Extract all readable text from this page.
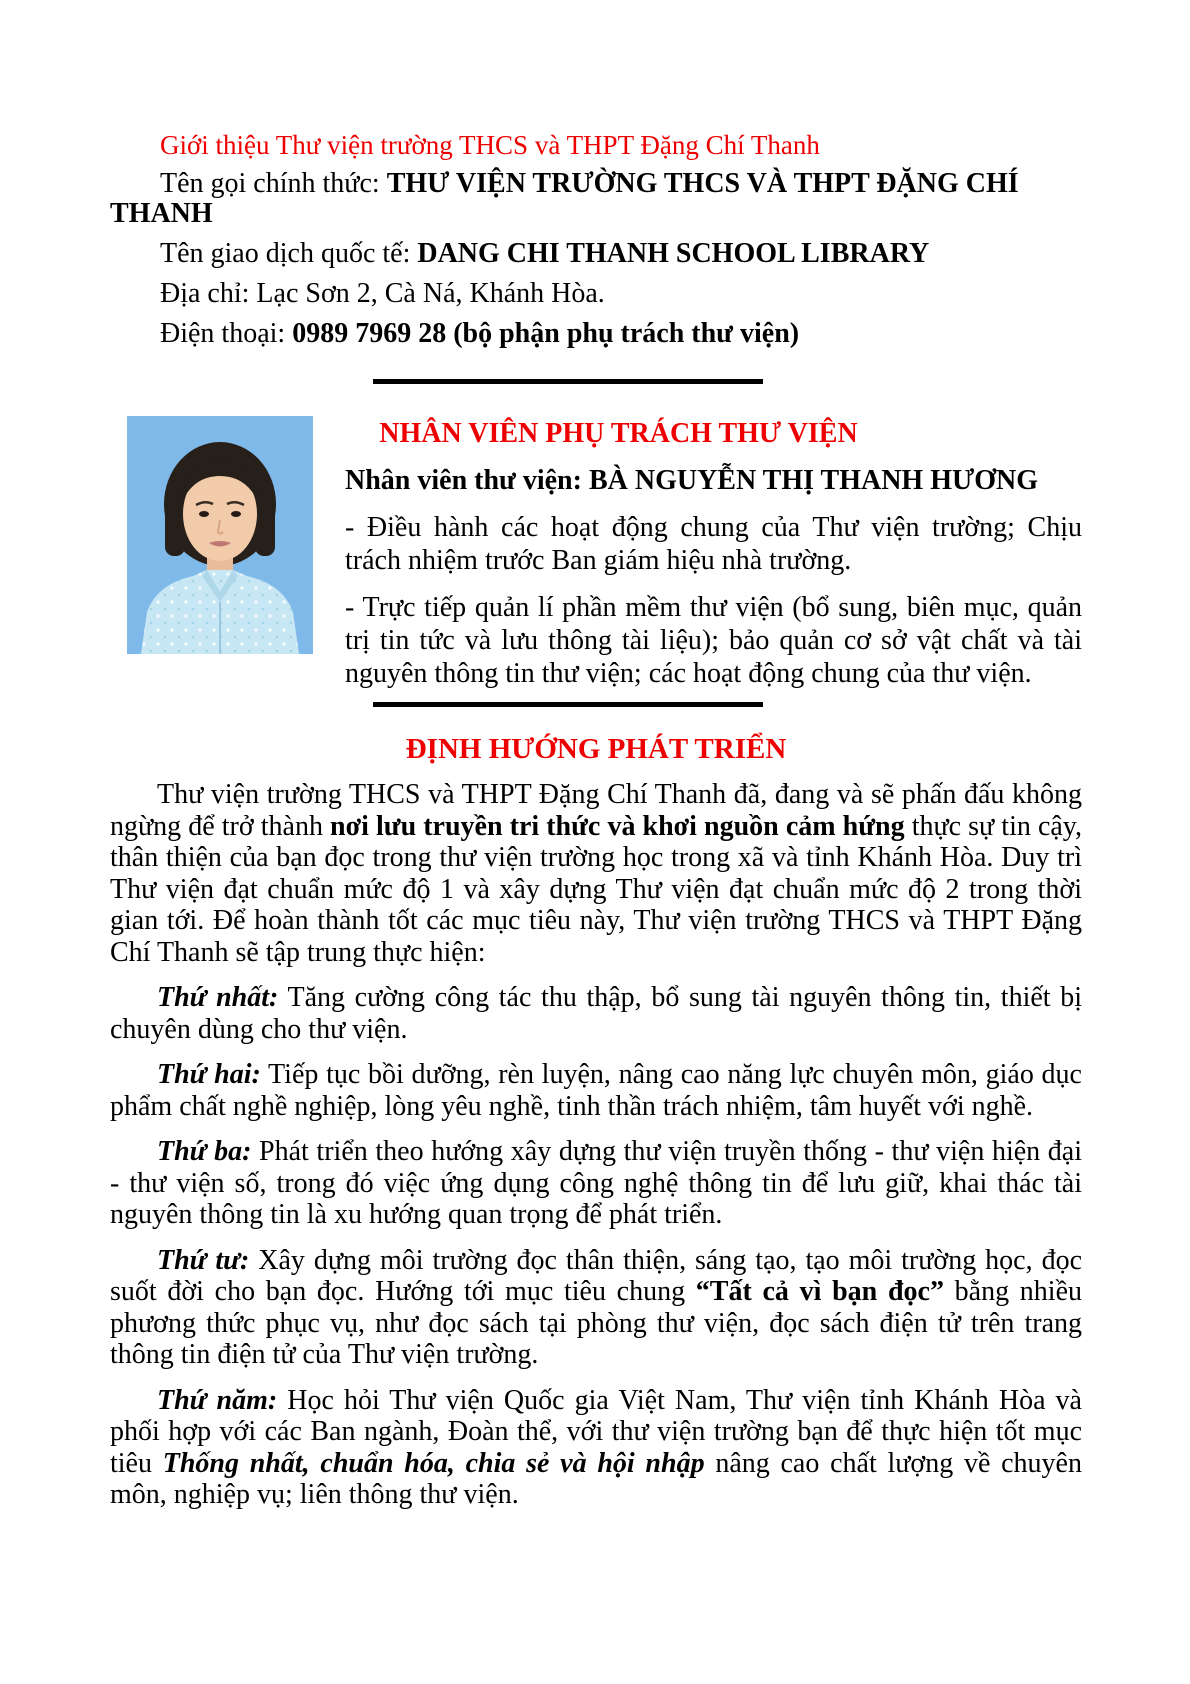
Giới thiệu Thư viện trường THCS và THPT Đặng Chí Thanh

Tên gọi chính thức: THƯ VIỆN TRƯỜNG THCS VÀ THPT ĐẶNG CHÍ THANH

Tên giao dịch quốc tế: DANG CHI THANH SCHOOL LIBRARY

Địa chỉ: Lạc Sơn 2, Cà Ná, Khánh Hòa.

Điện thoại: 0989 7969 28 (bộ phận phụ trách thư viện)

NHÂN VIÊN PHỤ TRÁCH THƯ VIỆN

Nhân viên thư viện: BÀ NGUYỄN THỊ THANH HƯƠNG

- Điều hành các hoạt động chung của Thư viện trường; Chịu trách nhiệm trước Ban giám hiệu nhà trường.

- Trực tiếp quản lí phần mềm thư viện (bổ sung, biên mục, quản trị tin tức và lưu thông tài liệu); bảo quản cơ sở vật chất và tài nguyên thông tin thư viện; các hoạt động chung của thư viện.

ĐỊNH HƯỚNG PHÁT TRIỂN

Thư viện trường THCS và THPT Đặng Chí Thanh đã, đang và sẽ phấn đấu không ngừng để trở thành nơi lưu truyền tri thức và khơi nguồn cảm hứng thực sự tin cậy, thân thiện của bạn đọc trong thư viện trường học trong xã và tỉnh Khánh Hòa. Duy trì Thư viện đạt chuẩn mức độ 1 và xây dựng Thư viện đạt chuẩn mức độ 2 trong thời gian tới. Để hoàn thành tốt các mục tiêu này, Thư viện trường THCS và THPT Đặng Chí Thanh sẽ tập trung thực hiện:

Thứ nhất: Tăng cường công tác thu thập, bổ sung tài nguyên thông tin, thiết bị chuyên dùng cho thư viện.

Thứ hai: Tiếp tục bồi dưỡng, rèn luyện, nâng cao năng lực chuyên môn, giáo dục phẩm chất nghề nghiệp, lòng yêu nghề, tinh thần trách nhiệm, tâm huyết với nghề.

Thứ ba: Phát triển theo hướng xây dựng thư viện truyền thống - thư viện hiện đại - thư viện số, trong đó việc ứng dụng công nghệ thông tin để lưu giữ, khai thác tài nguyên thông tin là xu hướng quan trọng để phát triển.

Thứ tư: Xây dựng môi trường đọc thân thiện, sáng tạo, tạo môi trường học, đọc suốt đời cho bạn đọc. Hướng tới mục tiêu chung “Tất cả vì bạn đọc” bằng nhiều phương thức phục vụ, như đọc sách tại phòng thư viện, đọc sách điện tử trên trang thông tin điện tử của Thư viện trường.

Thứ năm: Học hỏi Thư viện Quốc gia Việt Nam, Thư viện tỉnh Khánh Hòa và phối hợp với các Ban ngành, Đoàn thể, với thư viện trường bạn để thực hiện tốt mục tiêu Thống nhất, chuẩn hóa, chia sẻ và hội nhập nâng cao chất lượng về chuyên môn, nghiệp vụ; liên thông thư viện.
